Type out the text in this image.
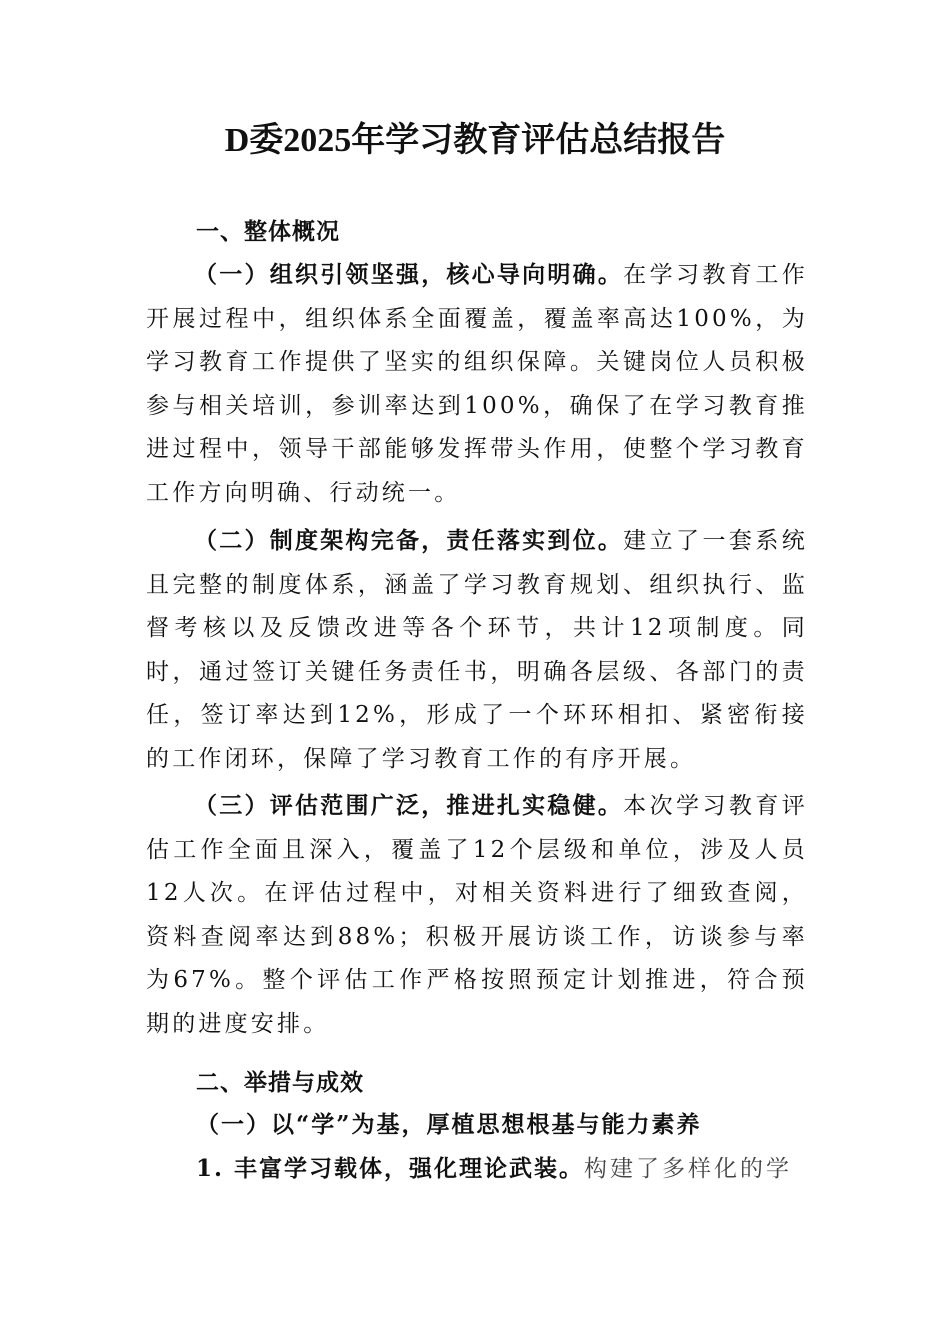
D委2025年学习教育评估总结报告
一、整体概况
（一）组织引领坚强，核心导向明确。在学习教育工作开展过程中，组织体系全面覆盖，覆盖率高达100%，为学习教育工作提供了坚实的组织保障。关键岗位人员积极参与相关培训，参训率达到100%，确保了在学习教育推进过程中，领导干部能够发挥带头作用，使整个学习教育工作方向明确、行动统一。
（二）制度架构完备，责任落实到位。建立了一套系统且完整的制度体系，涵盖了学习教育规划、组织执行、监督考核以及反馈改进等各个环节，共计12项制度。同时，通过签订关键任务责任书，明确各层级、各部门的责任，签订率达到12%，形成了一个环环相扣、紧密衔接的工作闭环，保障了学习教育工作的有序开展。
（三）评估范围广泛，推进扎实稳健。本次学习教育评估工作全面且深入，覆盖了12个层级和单位，涉及人员12人次。在评估过程中，对相关资料进行了细致查阅，资料查阅率达到88%；积极开展访谈工作，访谈参与率为67%。整个评估工作严格按照预定计划推进，符合预期的进度安排。
二、举措与成效
（一）以“学”为基，厚植思想根基与能力素养
1. 丰富学习载体，强化理论武装。构建了多样化的学
